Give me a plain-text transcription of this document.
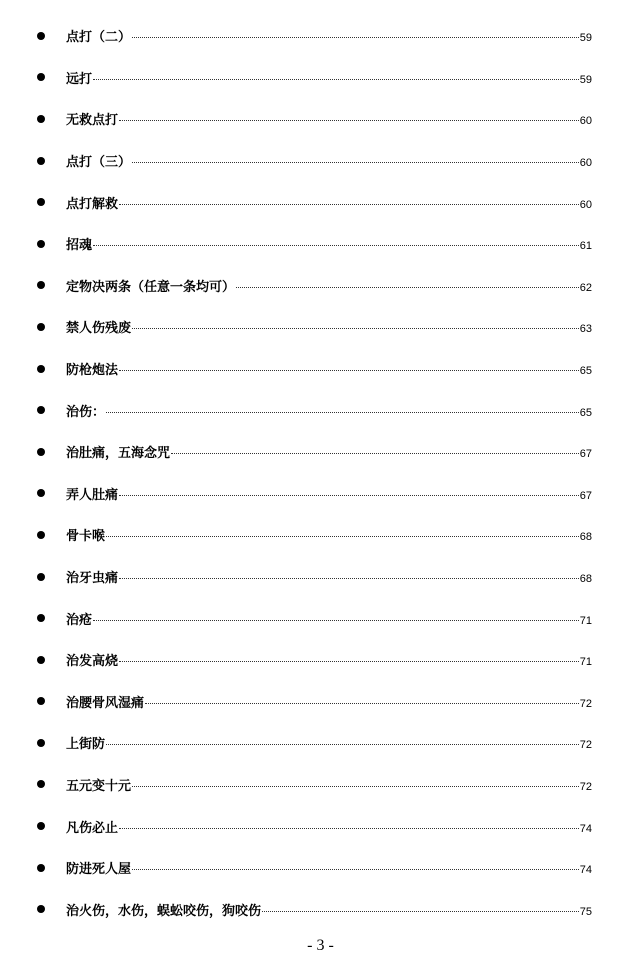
点打（二）	59
远打	59
无救点打	60
点打（三）	60
点打解救	60
招魂	61
定物决两条（任意一条均可）	62
禁人伤残废	63
防枪炮法	65
治伤：	65
治肚痛，五海念咒	67
弄人肚痛	67
骨卡喉	68
治牙虫痛	68
治疮	71
治发高烧	71
治腰骨风湿痛	72
上街防	72
五元变十元	72
凡伤必止	74
防进死人屋	74
治火伤，水伤，蜈蚣咬伤，狗咬伤	75
- 3 -
